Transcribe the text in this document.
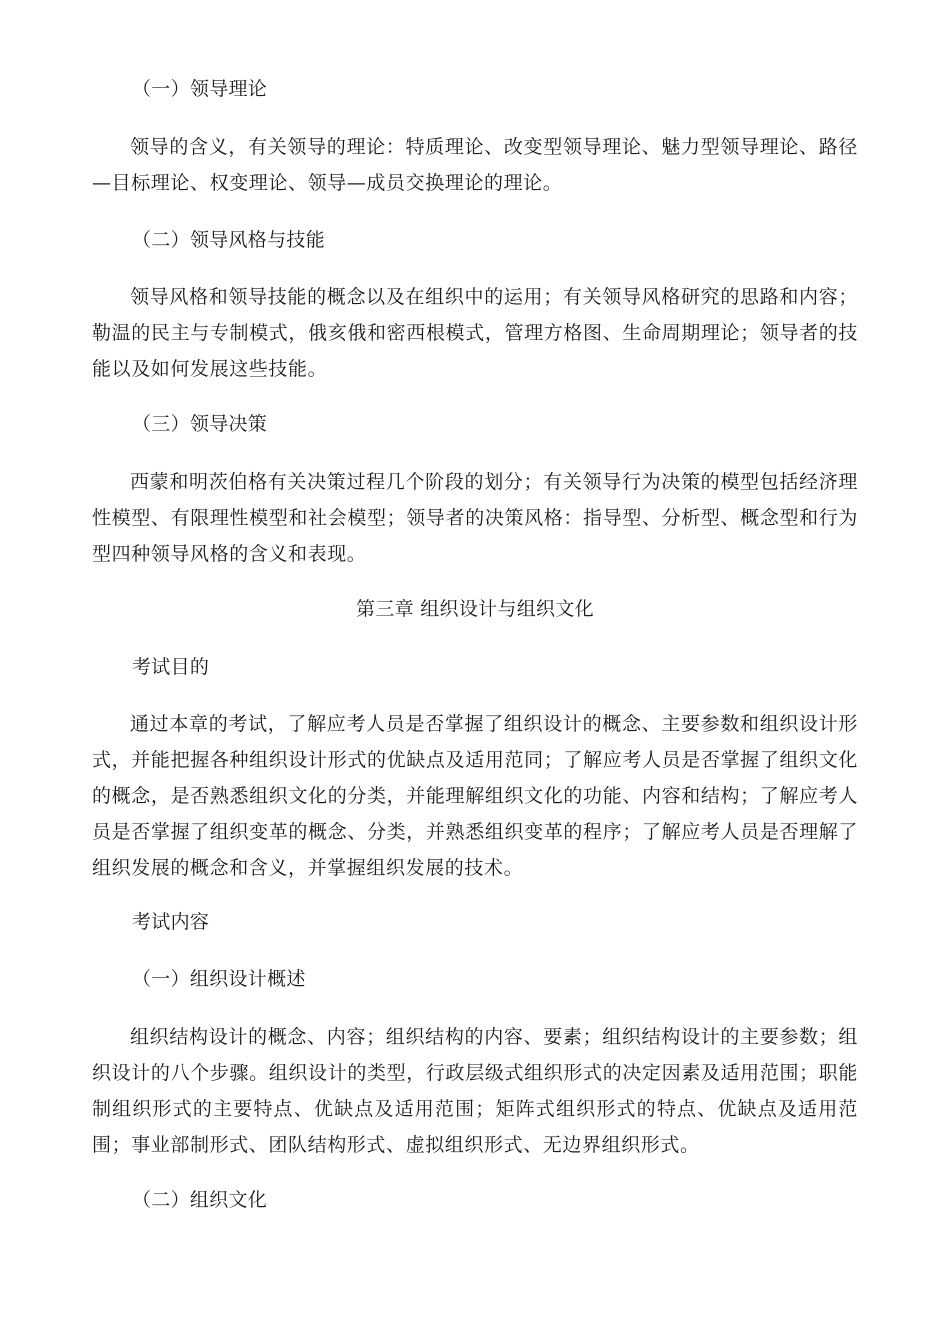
（一）领导理论
领导的含义，有关领导的理论：特质理论、改变型领导理论、魅力型领导理论、路径—目标理论、权变理论、领导—成员交换理论的理论。
（二）领导风格与技能
领导风格和领导技能的概念以及在组织中的运用；有关领导风格研究的思路和内容；勒温的民主与专制模式，俄亥俄和密西根模式，管理方格图、生命周期理论；领导者的技能以及如何发展这些技能。
（三）领导决策
西蒙和明茨伯格有关决策过程几个阶段的划分；有关领导行为决策的模型包括经济理性模型、有限理性模型和社会模型；领导者的决策风格：指导型、分析型、概念型和行为型四种领导风格的含义和表现。
第三章 组织设计与组织文化
考试目的
通过本章的考试，了解应考人员是否掌握了组织设计的概念、主要参数和组织设计形式，并能把握各种组织设计形式的优缺点及适用范同；了解应考人员是否掌握了组织文化的概念，是否熟悉组织文化的分类，并能理解组织文化的功能、内容和结构；了解应考人员是否掌握了组织变革的概念、分类，并熟悉组织变革的程序；了解应考人员是否理解了组织发展的概念和含义，并掌握组织发展的技术。
考试内容
（一）组织设计概述
组织结构设计的概念、内容；组织结构的内容、要素；组织结构设计的主要参数；组织设计的八个步骤。组织设计的类型，行政层级式组织形式的决定因素及适用范围；职能制组织形式的主要特点、优缺点及适用范围；矩阵式组织形式的特点、优缺点及适用范围；事业部制形式、团队结构形式、虚拟组织形式、无边界组织形式。
（二）组织文化
